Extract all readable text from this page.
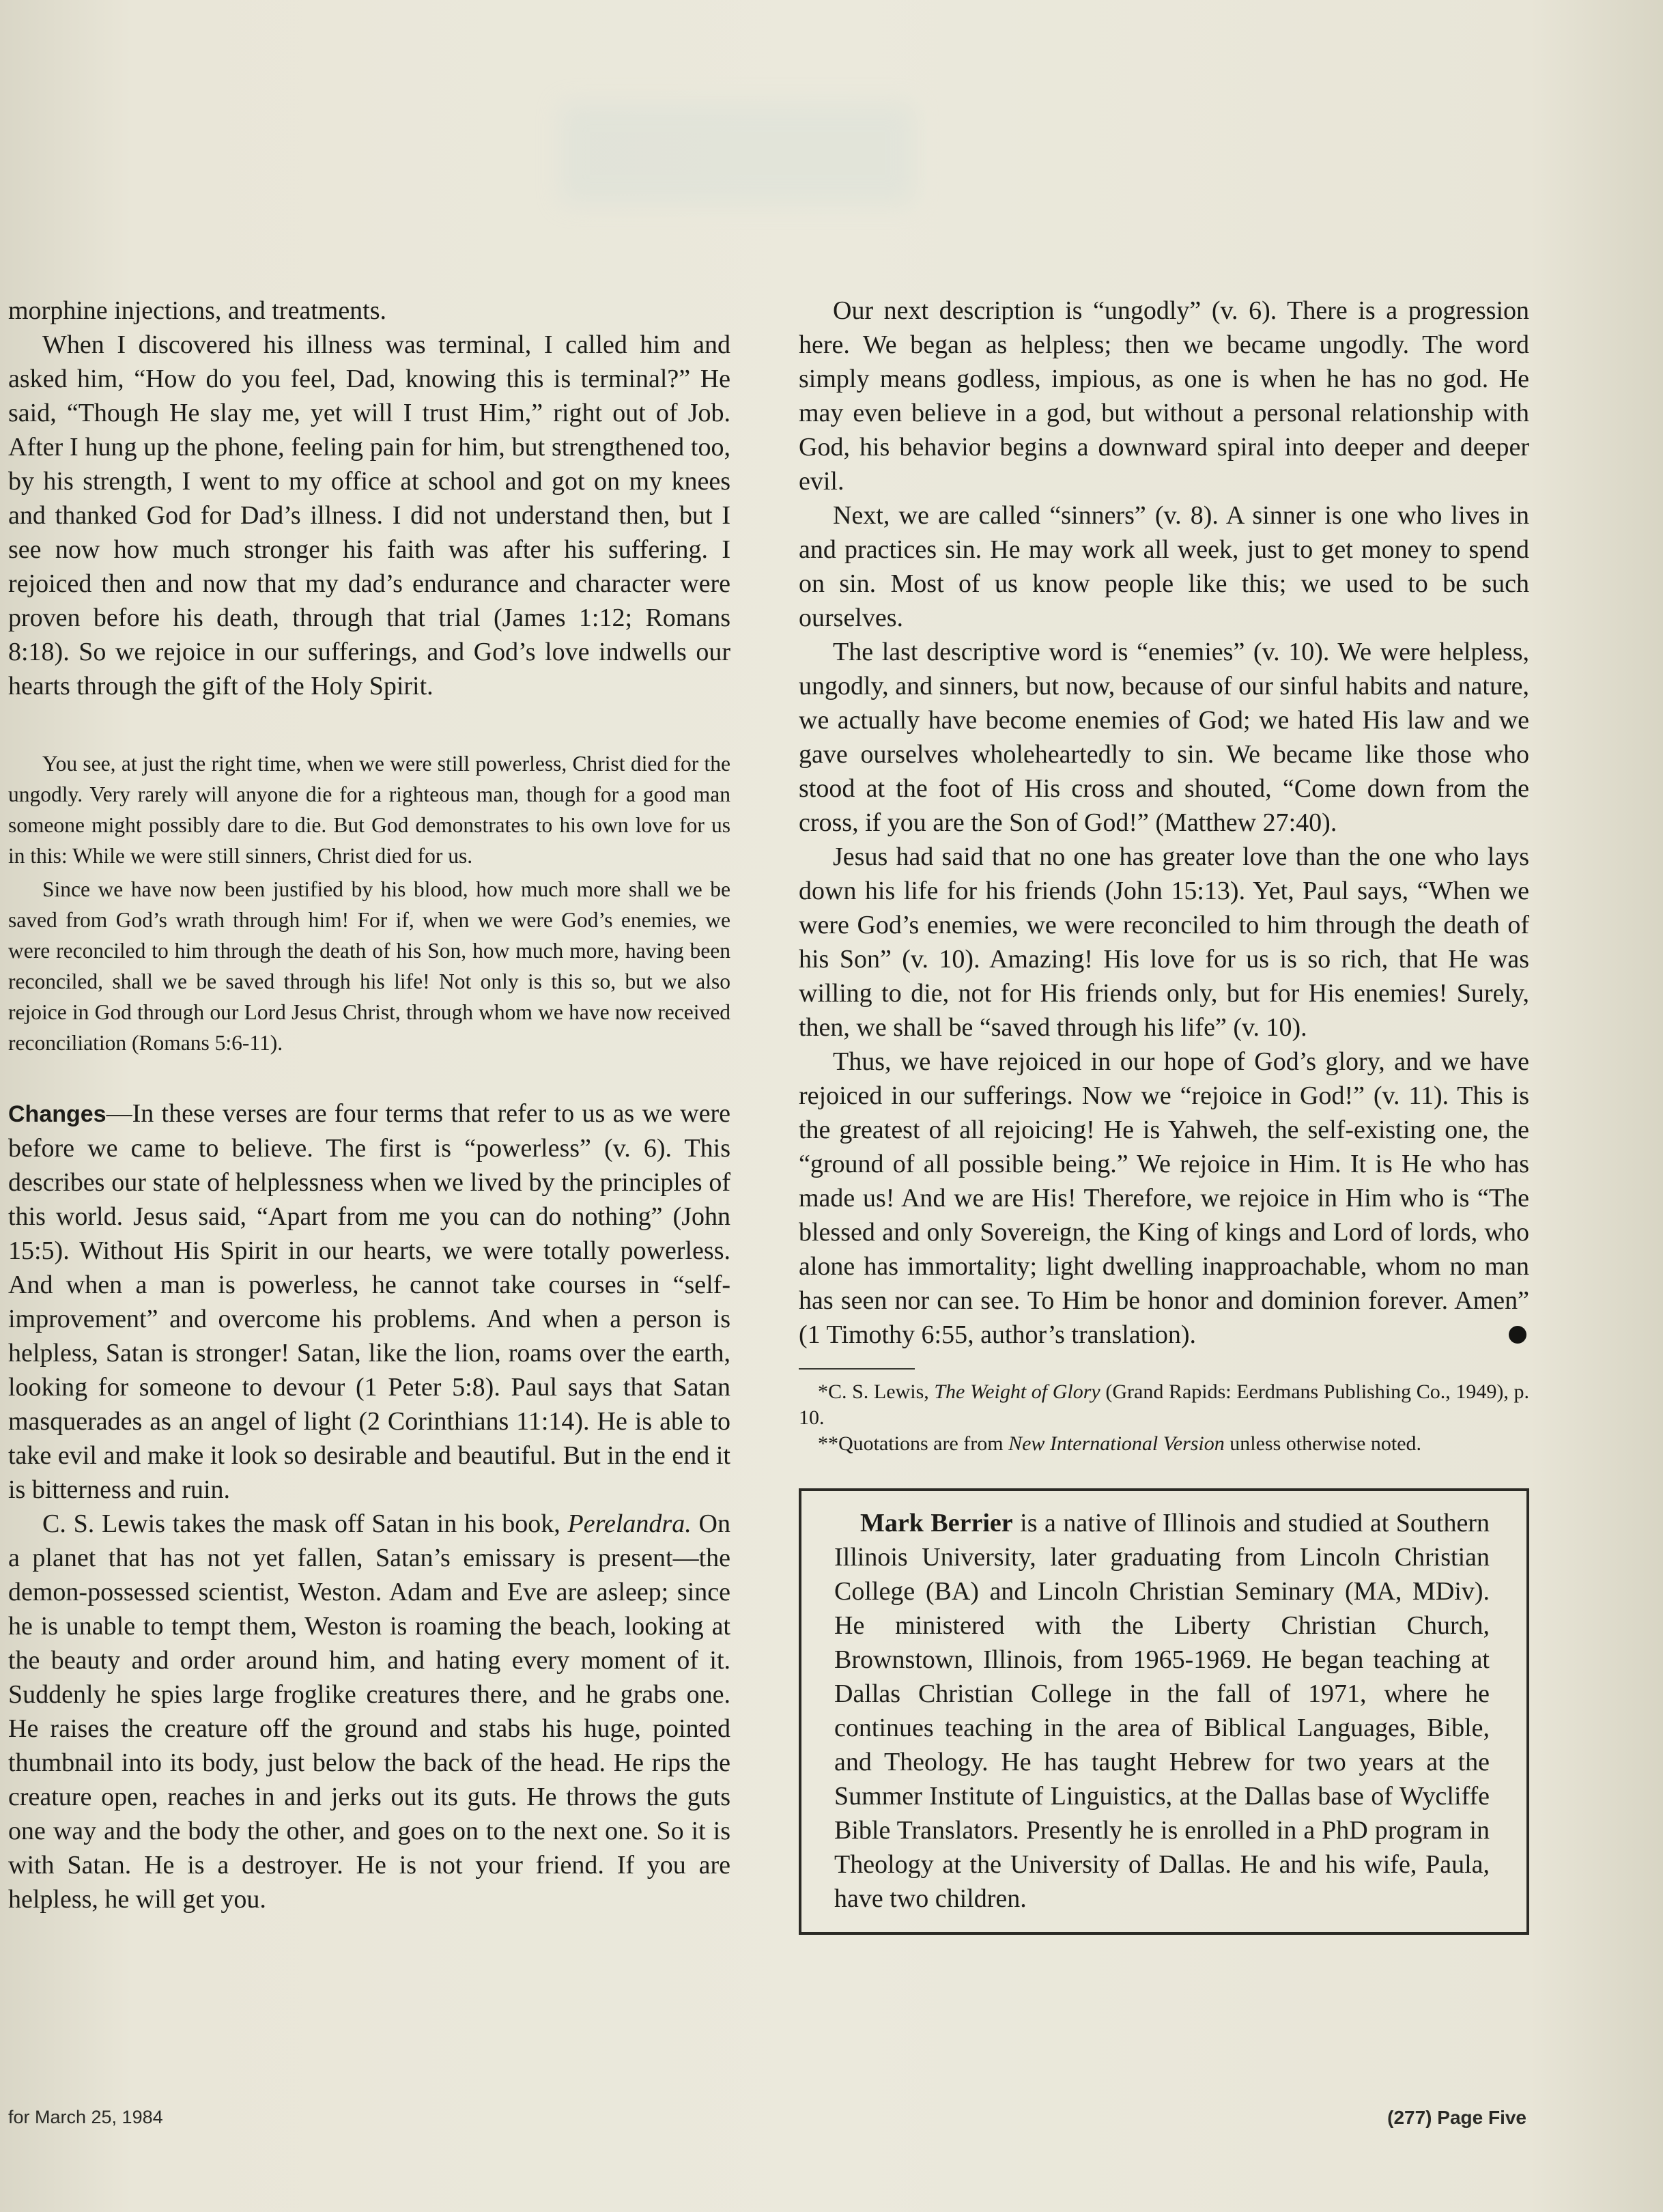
morphine injections, and treatments.

When I discovered his illness was terminal, I called him and asked him, “How do you feel, Dad, knowing this is terminal?” He said, “Though He slay me, yet will I trust Him,” right out of Job. After I hung up the phone, feeling pain for him, but strengthened too, by his strength, I went to my office at school and got on my knees and thanked God for Dad’s illness. I did not understand then, but I see now how much stronger his faith was after his suffering. I rejoiced then and now that my dad’s endurance and character were proven before his death, through that trial (James 1:12; Romans 8:18). So we rejoice in our sufferings, and God’s love indwells our hearts through the gift of the Holy Spirit.

You see, at just the right time, when we were still powerless, Christ died for the ungodly. Very rarely will anyone die for a righteous man, though for a good man someone might possibly dare to die. But God demonstrates to his own love for us in this: While we were still sinners, Christ died for us.

Since we have now been justified by his blood, how much more shall we be saved from God’s wrath through him! For if, when we were God’s enemies, we were reconciled to him through the death of his Son, how much more, having been reconciled, shall we be saved through his life! Not only is this so, but we also rejoice in God through our Lord Jesus Christ, through whom we have now received reconciliation (Romans 5:6-11).

Changes—In these verses are four terms that refer to us as we were before we came to believe. The first is “powerless” (v. 6). This describes our state of helplessness when we lived by the principles of this world. Jesus said, “Apart from me you can do nothing” (John 15:5). Without His Spirit in our hearts, we were totally powerless. And when a man is powerless, he cannot take courses in “self-improvement” and overcome his problems. And when a person is helpless, Satan is stronger! Satan, like the lion, roams over the earth, looking for someone to devour (1 Peter 5:8). Paul says that Satan masquerades as an angel of light (2 Corinthians 11:14). He is able to take evil and make it look so desirable and beautiful. But in the end it is bitterness and ruin.

C. S. Lewis takes the mask off Satan in his book, Perelandra. On a planet that has not yet fallen, Satan’s emissary is present—the demon-possessed scientist, Weston. Adam and Eve are asleep; since he is unable to tempt them, Weston is roaming the beach, looking at the beauty and order around him, and hating every moment of it. Suddenly he spies large froglike creatures there, and he grabs one. He raises the creature off the ground and stabs his huge, pointed thumbnail into its body, just below the back of the head. He rips the creature open, reaches in and jerks out its guts. He throws the guts one way and the body the other, and goes on to the next one. So it is with Satan. He is a destroyer. He is not your friend. If you are helpless, he will get you.

Our next description is “ungodly” (v. 6). There is a progression here. We began as helpless; then we became ungodly. The word simply means godless, impious, as one is when he has no god. He may even believe in a god, but without a personal relationship with God, his behavior begins a downward spiral into deeper and deeper evil.

Next, we are called “sinners” (v. 8). A sinner is one who lives in and practices sin. He may work all week, just to get money to spend on sin. Most of us know people like this; we used to be such ourselves.

The last descriptive word is “enemies” (v. 10). We were helpless, ungodly, and sinners, but now, because of our sinful habits and nature, we actually have become enemies of God; we hated His law and we gave ourselves wholeheartedly to sin. We became like those who stood at the foot of His cross and shouted, “Come down from the cross, if you are the Son of God!” (Matthew 27:40).

Jesus had said that no one has greater love than the one who lays down his life for his friends (John 15:13). Yet, Paul says, “When we were God’s enemies, we were reconciled to him through the death of his Son” (v. 10). Amazing! His love for us is so rich, that He was willing to die, not for His friends only, but for His enemies! Surely, then, we shall be “saved through his life” (v. 10).

Thus, we have rejoiced in our hope of God’s glory, and we have rejoiced in our sufferings. Now we “rejoice in God!” (v. 11). This is the greatest of all rejoicing! He is Yahweh, the self-existing one, the “ground of all possible being.” We rejoice in Him. It is He who has made us! And we are His! Therefore, we rejoice in Him who is “The blessed and only Sovereign, the King of kings and Lord of lords, who alone has immortality; light dwelling inapproachable, whom no man has seen nor can see. To Him be honor and dominion forever. Amen” (1 Timothy 6:55, author’s translation).

*C. S. Lewis, The Weight of Glory (Grand Rapids: Eerdmans Publishing Co., 1949), p. 10.

**Quotations are from New International Version unless otherwise noted.

Mark Berrier is a native of Illinois and studied at Southern Illinois University, later graduating from Lincoln Christian College (BA) and Lincoln Christian Seminary (MA, MDiv). He ministered with the Liberty Christian Church, Brownstown, Illinois, from 1965-1969. He began teaching at Dallas Christian College in the fall of 1971, where he continues teaching in the area of Biblical Languages, Bible, and Theology. He has taught Hebrew for two years at the Summer Institute of Linguistics, at the Dallas base of Wycliffe Bible Translators. Presently he is enrolled in a PhD program in Theology at the University of Dallas. He and his wife, Paula, have two children.

for March 25, 1984	(277) Page Five
